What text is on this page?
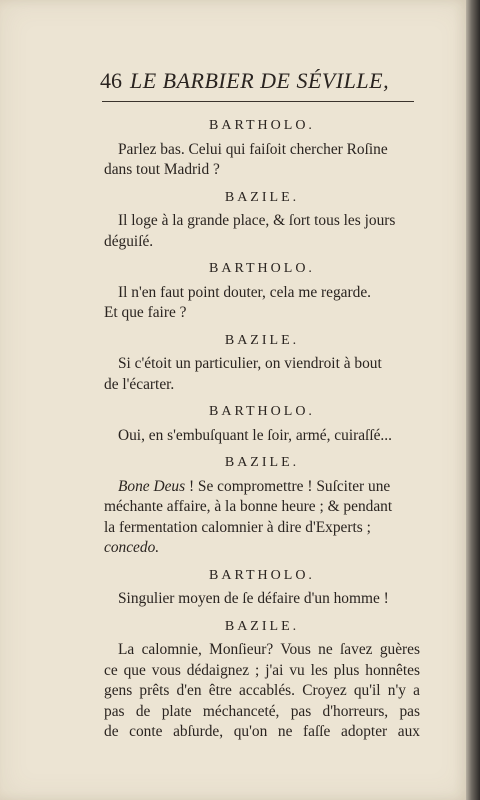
46 LE BARBIER DE SÉVILLE,
BARTHOLO.
Parlez bas. Celui qui faiſoit chercher Roſine
dans tout Madrid ?
BAZILE.
Il loge à la grande place, & ſort tous les jours
déguiſé.
BARTHOLO.
Il n'en faut point douter, cela me regarde.
Et que faire ?
BAZILE.
Si c'étoit un particulier, on viendroit à bout
de l'écarter.
BARTHOLO.
Oui, en s'embuſquant le ſoir, armé, cuiraſſé...
BAZILE.
Bone Deus ! Se compromettre ! Suſciter une
méchante affaire, à la bonne heure ; & pendant
la fermentation calomnier à dire d'Experts ;
concedo.
BARTHOLO.
Singulier moyen de ſe défaire d'un homme !
BAZILE.
La calomnie, Monſieur? Vous ne ſavez guères
ce que vous dédaignez ; j'ai vu les plus honnêtes
gens prêts d'en être accablés. Croyez qu'il n'y a
pas de plate méchanceté, pas d'horreurs, pas
de conte abſurde, qu'on ne faſſe adopter aux
